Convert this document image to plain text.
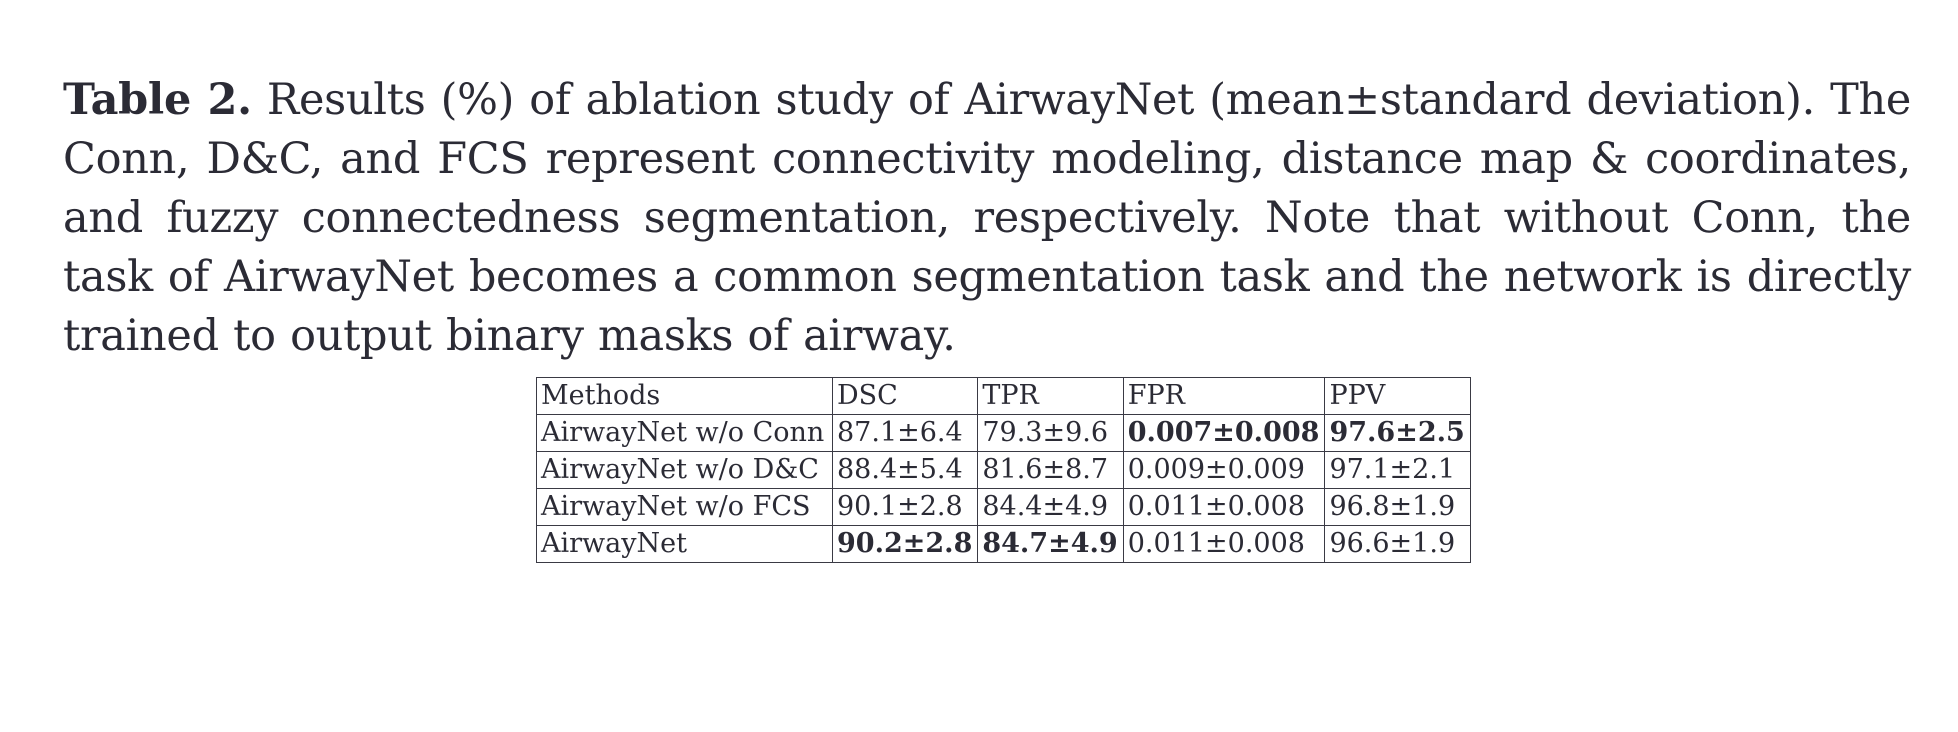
Table 2. Results (%) of ablation study of AirwayNet (mean±standard deviation). The Conn, D&C, and FCS represent connectivity modeling, distance map & coordinates, and fuzzy connectedness segmentation, respectively. Note that without Conn, the task of AirwayNet becomes a common segmentation task and the network is directly trained to output binary masks of airway.

Methods	DSC	TPR	FPR	PPV
AirwayNet w/o Conn	87.1±6.4	79.3±9.6	0.007±0.008	97.6±2.5
AirwayNet w/o D&C	88.4±5.4	81.6±8.7	0.009±0.009	97.1±2.1
AirwayNet w/o FCS	90.1±2.8	84.4±4.9	0.011±0.008	96.8±1.9
AirwayNet	90.2±2.8	84.7±4.9	0.011±0.008	96.6±1.9
